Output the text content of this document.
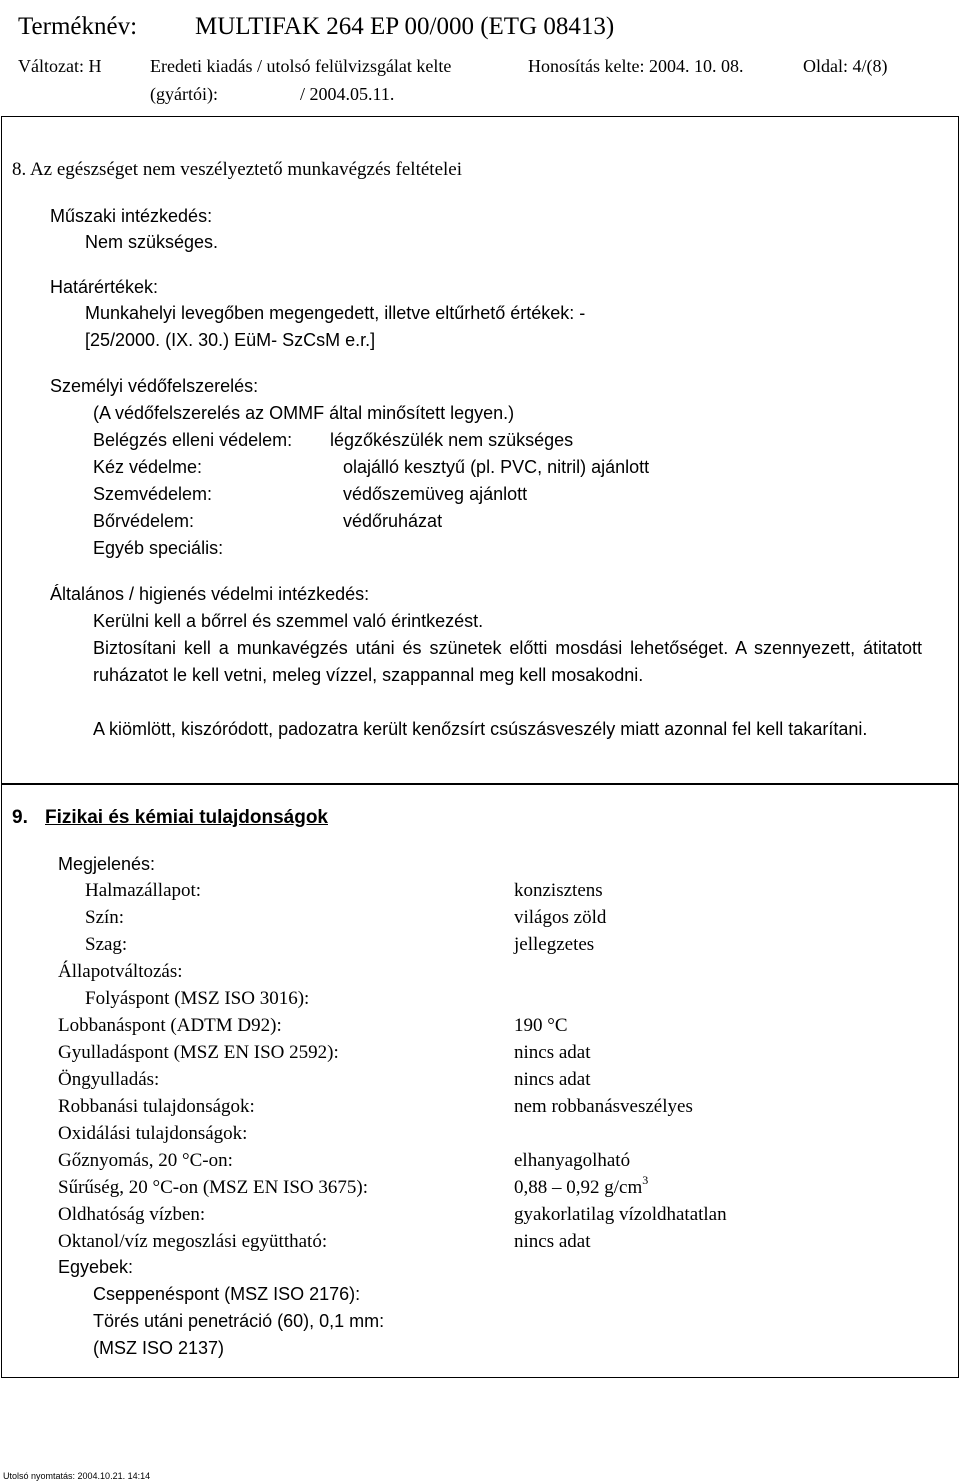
Terméknév: MULTIFAK 264 EP 00/000 (ETG 08413)
Változat: H	Eredeti kiadás / utolsó felülvizsgálat kelte	Honosítás kelte: 2004. 10. 08.	Oldal: 4/(8)
(gyártói):	/ 2004.05.11.
8. Az egészséget nem veszélyeztető munkavégzés feltételei
Műszaki intézkedés:
Nem szükséges.
Határértékek:
Munkahelyi levegőben megengedett, illetve eltűrhető értékek: -
[25/2000. (IX. 30.) EüM- SzCsM e.r.]
Személyi védőfelszerelés:
(A védőfelszerelés az OMMF által minősített legyen.)
Belégzés elleni védelem: légzőkészülék nem szükséges
Kéz védelme:	olajálló kesztyű (pl. PVC, nitril) ajánlott
Szemvédelem:	védőszemüveg ajánlott
Bőrvédelem:	védőruházat
Egyéb speciális:
Általános / higienés védelmi intézkedés:
Kerülni kell a bőrrel és szemmel való érintkezést.
Biztosítani kell a munkavégzés utáni és szünetek előtti mosdási lehetőséget. A szennyezett, átitatott ruházatot le kell vetni, meleg vízzel, szappannal meg kell mosakodni.
A kiömlött, kiszóródott, padozatra került kenőzsírt csúszásveszély miatt azonnal fel kell takarítani.
9. Fizikai és kémiai tulajdonságok
Megjelenés:
Halmazállapot:	konzisztens
Szín:	világos zöld
Szag:	jellegzetes
Állapotváltozás:
Folyáspont (MSZ ISO 3016):
Lobbanáspont (ADTM D92):	190 °C
Gyulladáspont (MSZ EN ISO 2592):	nincs adat
Öngyulladás:	nincs adat
Robbanási tulajdonságok:	nem robbanásveszélyes
Oxidálási tulajdonságok:
Gőznyomás, 20 °C-on:	elhanyagolható
Sűrűség, 20 °C-on (MSZ EN ISO 3675):	0,88 – 0,92 $g/cm^3$
Oldhatóság vízben:	gyakorlatilag vízoldhatatlan
Oktanol/víz megoszlási együttható:	nincs adat
Egyebek:
Cseppenéspont (MSZ ISO 2176):
Törés utáni penetráció (60), 0,1 mm:
(MSZ ISO 2137)
Utolsó nyomtatás: 2004.10.21. 14:14
